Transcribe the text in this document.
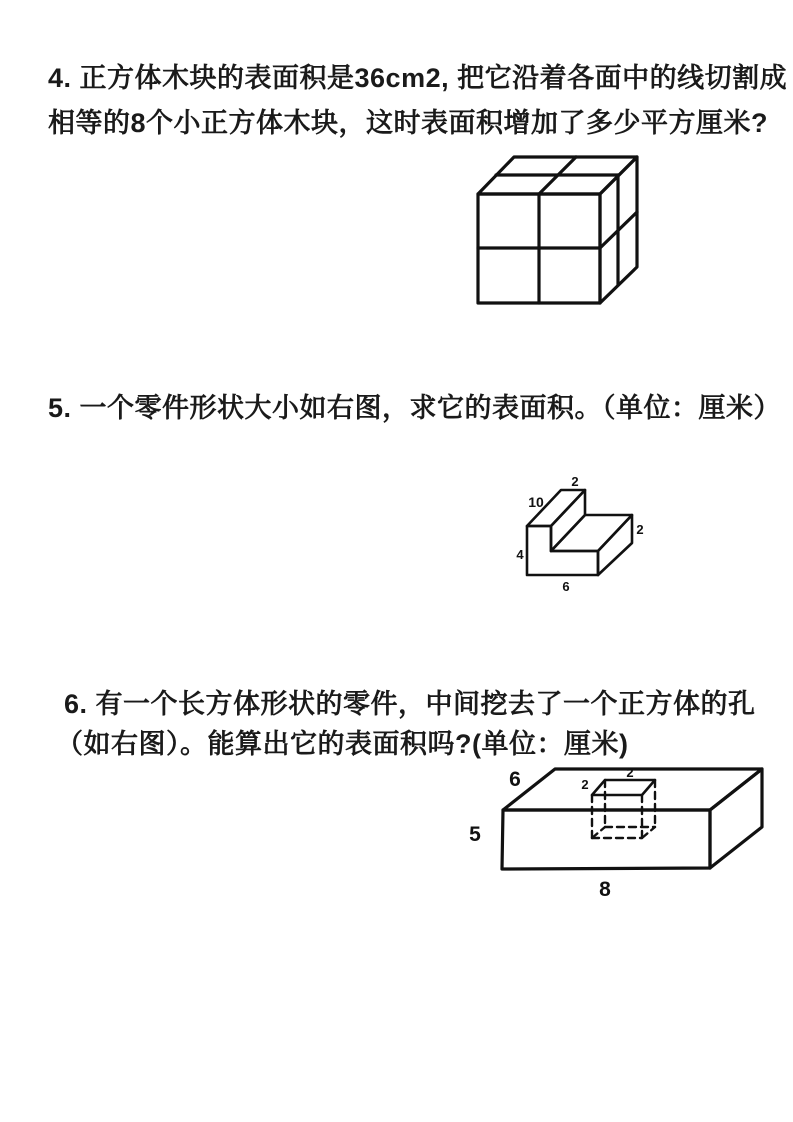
4. 正方体木块的表面积是36cm2, 把它沿着各面中的线切割成
相等的8个小正方体木块，这时表面积增加了多少平方厘米?
5. 一个零件形状大小如右图，求它的表面积。（单位：厘米）
10
2
2
4
6
6. 有一个长方体形状的零件，中间挖去了一个正方体的孔
（如右图）。能算出它的表面积吗?(单位：厘米)
6
5
8
2
2
